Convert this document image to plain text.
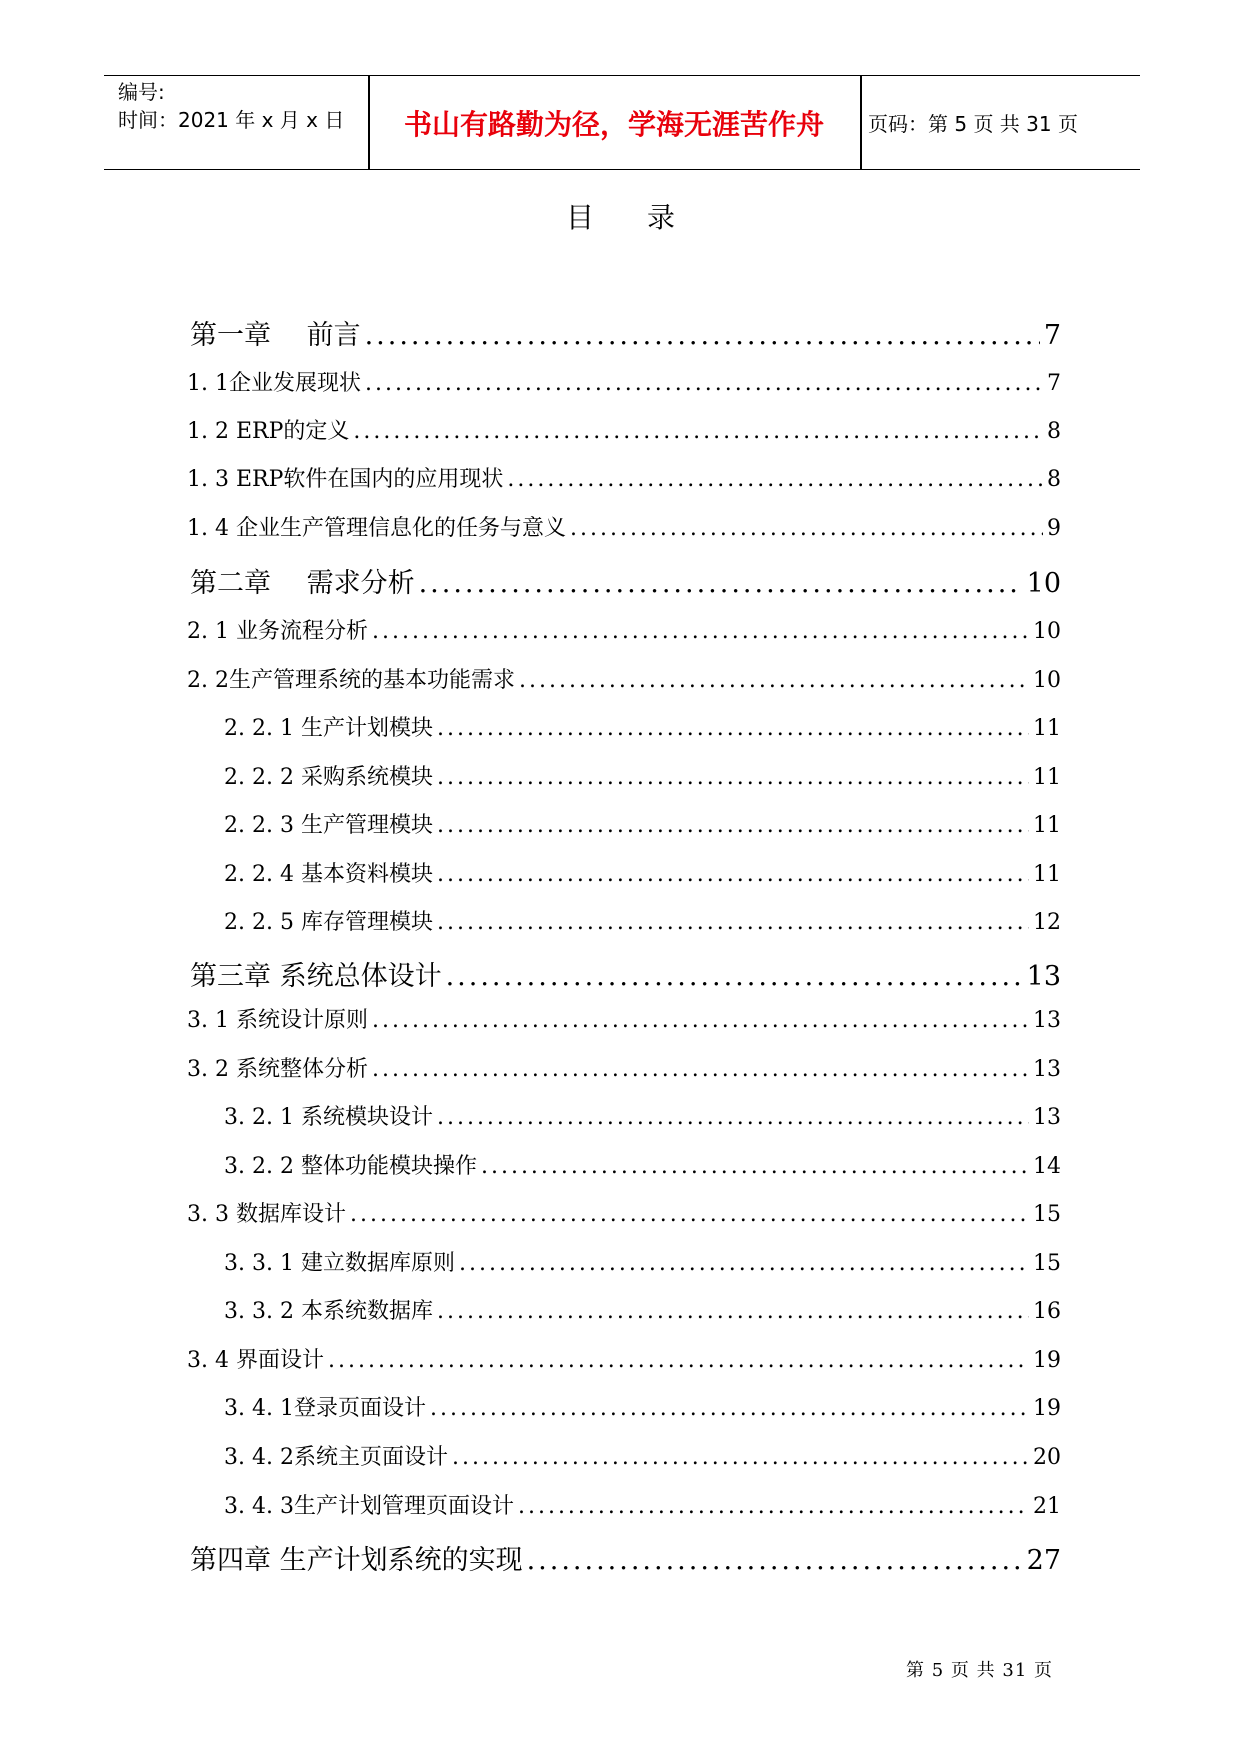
编号:
时间：2021 年 x 月 x 日	书山有路勤为径，学海无涯苦作舟	页码：第 5 页 共 31 页
目 录
第一章　 前言 .....	7
1. 1企业发展现状 .....	7
1. 2 ERP的定义 .....	8
1. 3 ERP软件在国内的应用现状 .....	8
1. 4 企业生产管理信息化的任务与意义 .....	9
第二章　 需求分析 .....	10
2. 1 业务流程分析 .....	10
2. 2生产管理系统的基本功能需求 .....	10
2. 2. 1 生产计划模块 .....	11
2. 2. 2 采购系统模块 .....	11
2. 2. 3 生产管理模块 .....	11
2. 2. 4 基本资料模块 .....	11
2. 2. 5 库存管理模块 .....	12
第三章 系统总体设计 .....	13
3. 1 系统设计原则 .....	13
3. 2 系统整体分析 .....	13
3. 2. 1 系统模块设计 .....	13
3. 2. 2 整体功能模块操作 .....	14
3. 3 数据库设计 .....	15
3. 3. 1 建立数据库原则 .....	15
3. 3. 2 本系统数据库 .....	16
3. 4 界面设计 .....	19
3. 4. 1登录页面设计 .....	19
3. 4. 2系统主页面设计 .....	20
3. 4. 3生产计划管理页面设计 .....	21
第四章 生产计划系统的实现 .....	27
第 5 页 共 31 页
